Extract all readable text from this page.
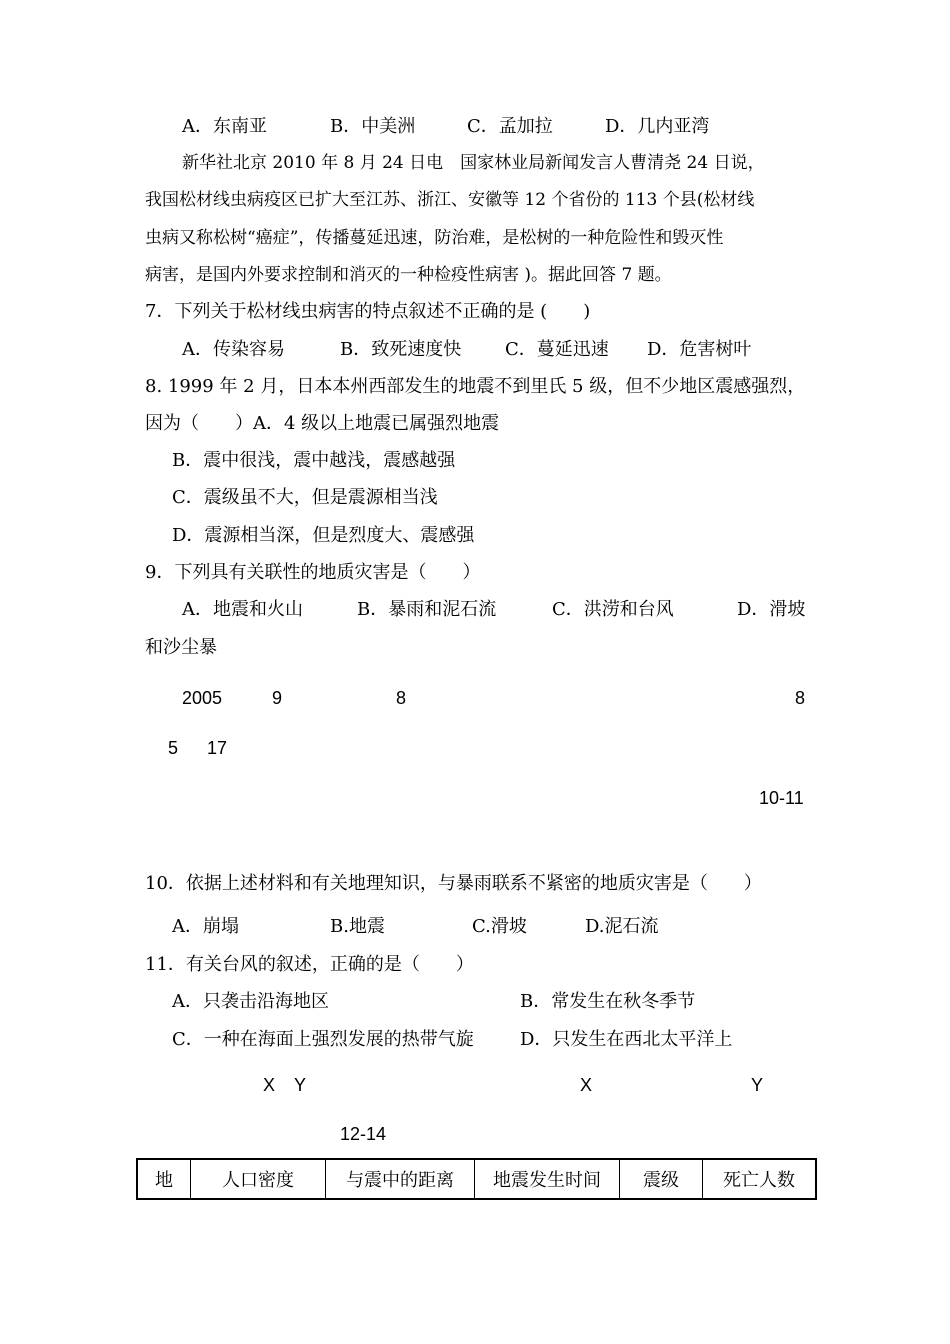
A．东南亚	B．中美洲	C．孟加拉	D．几内亚湾
新华社北京 2010 年 8 月 24 日电　国家林业局新闻发言人曹清尧 24 日说，
我国松材线虫病疫区已扩大至江苏、浙江、安徽等 12 个省份的 113 个县(松材线
虫病又称松树“癌症”，传播蔓延迅速，防治难，是松树的一种危险性和毁灭性
病害，是国内外要求控制和消灭的一种检疫性病害 )。据此回答 7 题。
7．下列关于松材线虫病害的特点叙述不正确的是 (　　)
A．传染容易	B．致死速度快 C．蔓延迅速 D．危害树叶
8. 1999 年 2 月，日本本州西部发生的地震不到里氏 5 级，但不少地区震感强烈，
因为（　　）A．4 级以上地震已属强烈地震
B．震中很浅，震中越浅，震感越强
C．震级虽不大，但是震源相当浅
D．震源相当深，但是烈度大、震感强
9．下列具有关联性的地质灾害是（　　）
A．地震和火山	B．暴雨和泥石流	C．洪涝和台风	D．滑坡
和沙尘暴
2005	9	8	8
5 17
10-11
10．依据上述材料和有关地理知识，与暴雨联系不紧密的地质灾害是（　　）
A．崩塌	B.地震	C.滑坡	D.泥石流
11．有关台风的叙述，正确的是（　　）
A．只袭击沿海地区	B．常发生在秋冬季节
C．一种在海面上强烈发展的热带气旋	D．只发生在西北太平洋上
X Y	X	Y
12-14
地	人口密度	与震中的距离	地震发生时间	震级	死亡人数
